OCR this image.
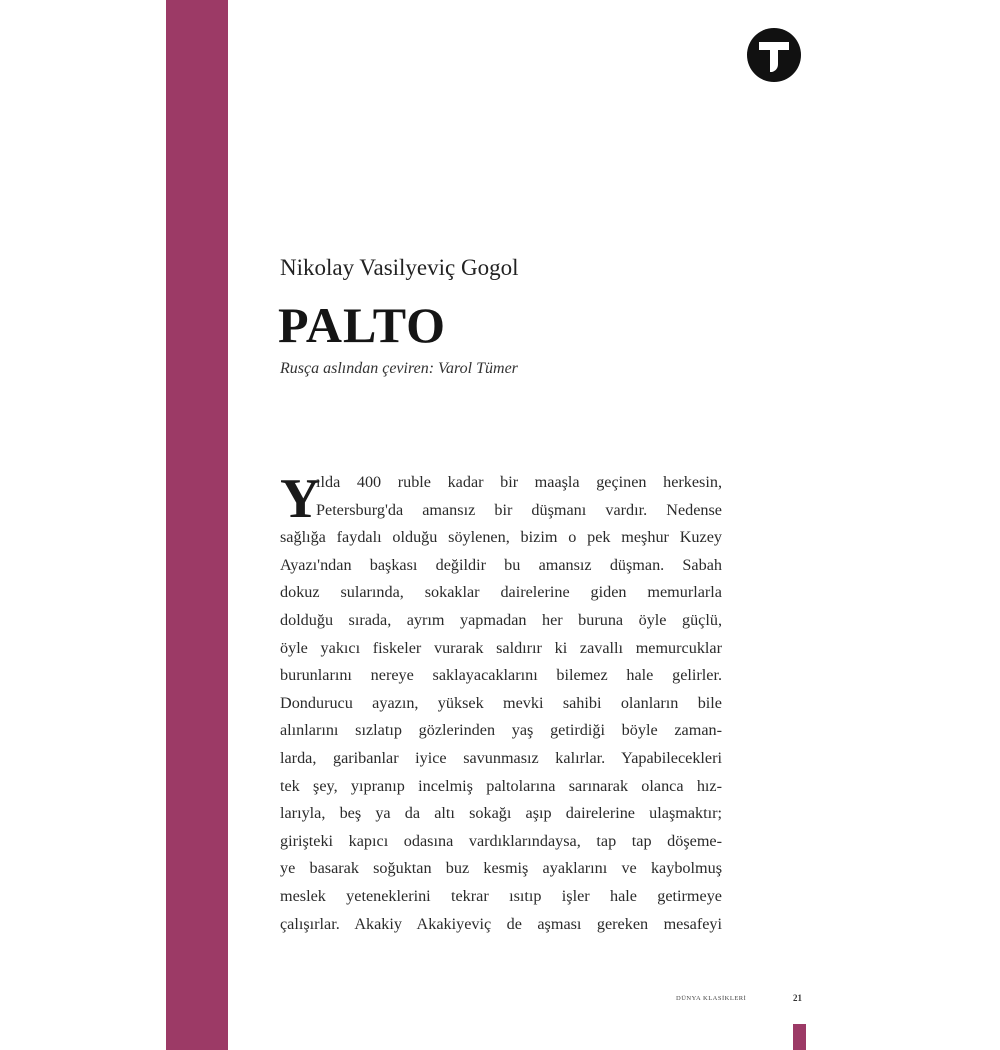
Nikolay Vasilyeviç Gogol
PALTO
Rusça aslından çeviren: Varol Tümer
Y
ılda 400 ruble kadar bir maaşla geçinen herkesin,
Petersburg'da amansız bir düşmanı vardır. Nedense
sağlığa faydalı olduğu söylenen, bizim o pek meşhur Kuzey
Ayazı'ndan başkası değildir bu amansız düşman. Sabah
dokuz sularında, sokaklar dairelerine giden memurlarla
dolduğu sırada, ayrım yapmadan her buruna öyle güçlü,
öyle yakıcı fiskeler vurarak saldırır ki zavallı memurcuklar
burunlarını nereye saklayacaklarını bilemez hale gelirler.
Dondurucu ayazın, yüksek mevki sahibi olanların bile
alınlarını sızlatıp gözlerinden yaş getirdiği böyle zaman-
larda, garibanlar iyice savunmasız kalırlar. Yapabilecekleri
tek şey, yıpranıp incelmiş paltolarına sarınarak olanca hız-
larıyla, beş ya da altı sokağı aşıp dairelerine ulaşmaktır;
girişteki kapıcı odasına vardıklarındaysa, tap tap döşeme-
ye basarak soğuktan buz kesmiş ayaklarını ve kaybolmuş
meslek yeteneklerini tekrar ısıtıp işler hale getirmeye
çalışırlar. Akakiy Akakiyeviç de aşması gereken mesafeyi
DÜNYA KLASİKLERİ	21
